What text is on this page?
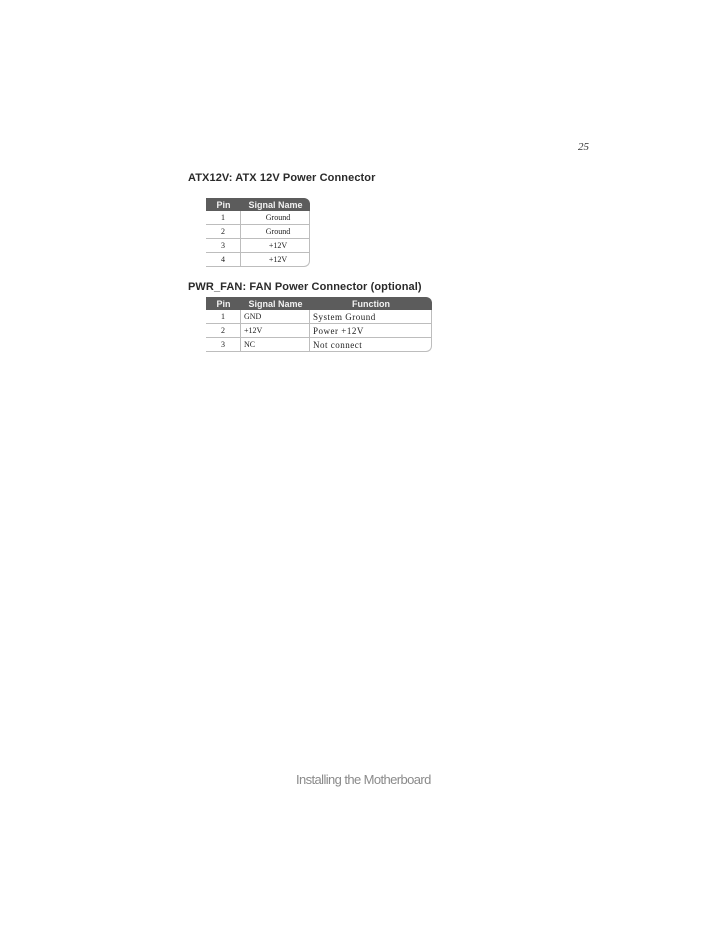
25
ATX12V: ATX 12V Power Connector
Pin	Signal Name
1	Ground
2	Ground
3	+12V
4	+12V
PWR_FAN: FAN Power Connector (optional)
Pin	Signal Name	Function
1	GND	System Ground
2	+12V	Power +12V
3	NC	Not connect
Installing the Motherboard
